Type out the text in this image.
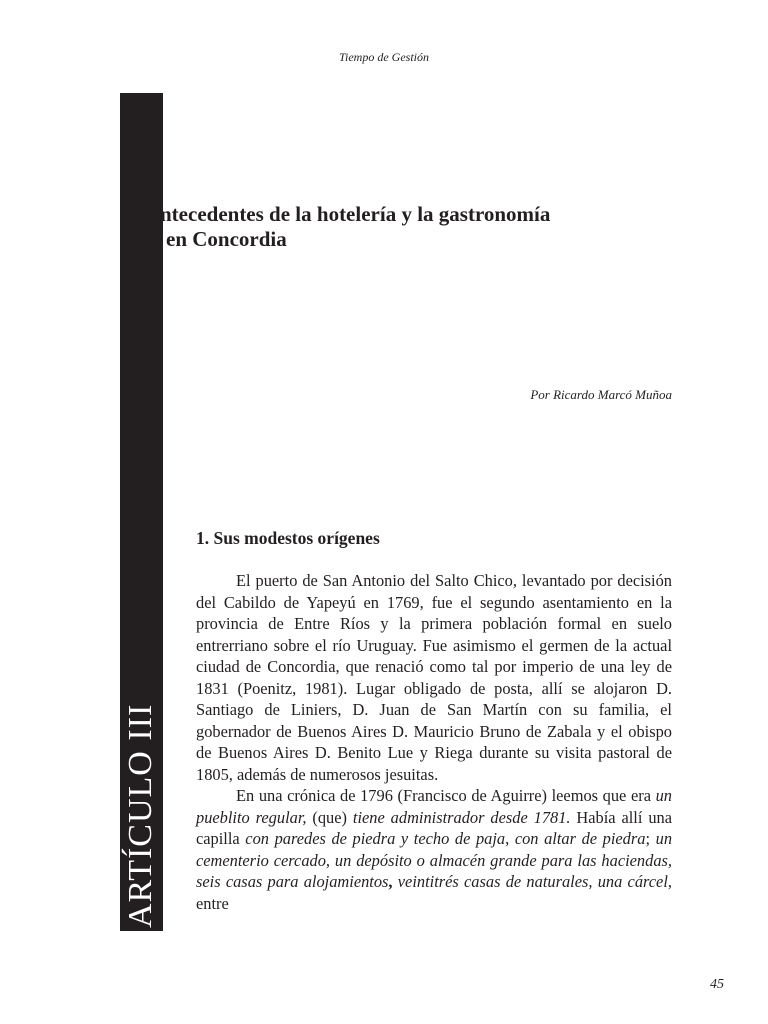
Tiempo de Gestión
ARTÍCULO III
A
ntecedentes de la hotelería y la gastronomía
en Concordia
Por Ricardo Marcó Muñoa
1. Sus modestos orígenes

El puerto de San Antonio del Salto Chico, levantado por decisión del Cabildo de Yapeyú en 1769, fue el segundo asentamiento en la provincia de Entre Ríos y la primera población formal en suelo entrerriano sobre el río Uruguay. Fue asimismo el germen de la actual ciudad de Concordia, que renació como tal por imperio de una ley de 1831 (Poenitz, 1981). Lugar obligado de posta, allí se alojaron D. Santiago de Liniers, D. Juan de San Martín con su familia, el gobernador de Buenos Aires D. Mauricio Bruno de Zabala y el obispo de Buenos Aires D. Benito Lue y Riega durante su visita pastoral de 1805, además de numerosos jesuitas.

En una crónica de 1796 (Francisco de Aguirre) leemos que era un pueblito regular, (que) tiene administrador desde 1781. Había allí una capilla con paredes de piedra y techo de paja, con altar de piedra; un cementerio cercado, un depósito o almacén grande para las haciendas, seis casas para alojamientos, veintitrés casas de naturales, una cárcel, entre

45
